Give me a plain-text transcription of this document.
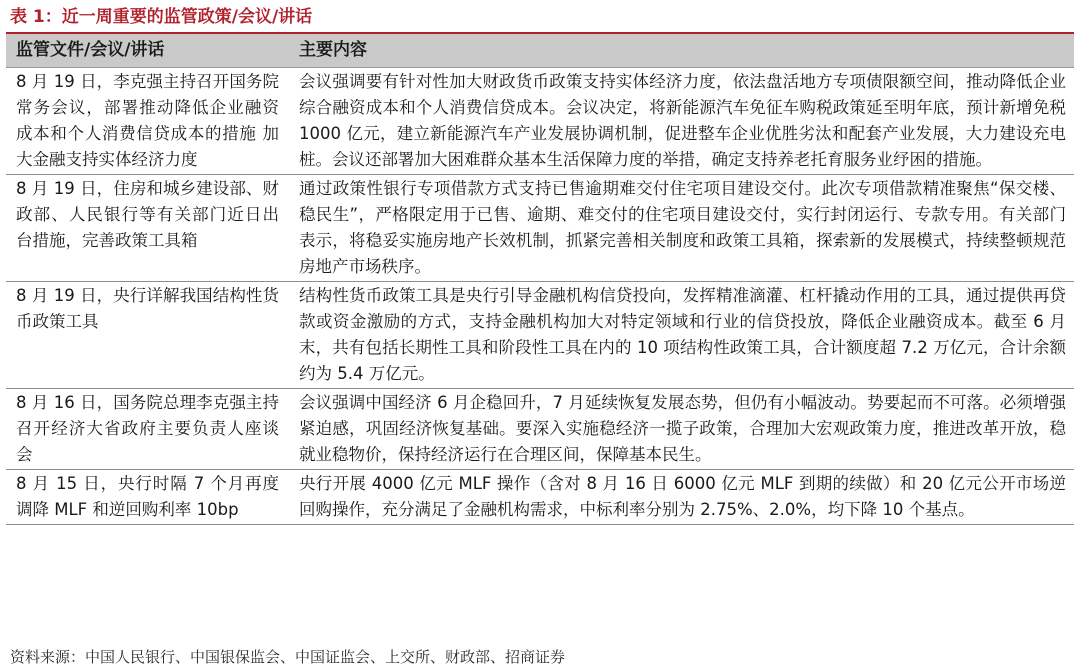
表 1：近一周重要的监管政策/会议/讲话
监管文件/会议/讲话	主要内容
8 月 19 日，李克强主持召开国务院常务会议，部署推动降低企业融资成本和个人消费信贷成本的措施 加大金融支持实体经济力度
会议强调要有针对性加大财政货币政策支持实体经济力度，依法盘活地方专项债限额空间，推动降低企业综合融资成本和个人消费信贷成本。会议决定，将新能源汽车免征车购税政策延至明年底，预计新增免税 1000 亿元，建立新能源汽车产业发展协调机制，促进整车企业优胜劣汰和配套产业发展，大力建设充电桩。会议还部署加大困难群众基本生活保障力度的举措，确定支持养老托育服务业纾困的措施。
8 月 19 日，住房和城乡建设部、财政部、人民银行等有关部门近日出台措施，完善政策工具箱
通过政策性银行专项借款方式支持已售逾期难交付住宅项目建设交付。此次专项借款精准聚焦“保交楼、稳民生”，严格限定用于已售、逾期、难交付的住宅项目建设交付，实行封闭运行、专款专用。有关部门表示，将稳妥实施房地产长效机制，抓紧完善相关制度和政策工具箱，探索新的发展模式，持续整顿规范房地产市场秩序。
8 月 19 日，央行详解我国结构性货币政策工具
结构性货币政策工具是央行引导金融机构信贷投向，发挥精准滴灌、杠杆撬动作用的工具，通过提供再贷款或资金激励的方式，支持金融机构加大对特定领域和行业的信贷投放，降低企业融资成本。截至 6 月末，共有包括长期性工具和阶段性工具在内的 10 项结构性政策工具，合计额度超 7.2 万亿元，合计余额约为 5.4 万亿元。
8 月 16 日，国务院总理李克强主持召开经济大省政府主要负责人座谈会
会议强调中国经济 6 月企稳回升，7 月延续恢复发展态势，但仍有小幅波动。势要起而不可落。必须增强紧迫感，巩固经济恢复基础。要深入实施稳经济一揽子政策，合理加大宏观政策力度，推进改革开放，稳就业稳物价，保持经济运行在合理区间，保障基本民生。
8 月 15 日，央行时隔 7 个月再度调降 MLF 和逆回购利率 10bp
央行开展 4000 亿元 MLF 操作（含对 8 月 16 日 6000 亿元 MLF 到期的续做）和 20 亿元公开市场逆回购操作，充分满足了金融机构需求，中标利率分别为 2.75%、2.0%，均下降 10 个基点。
资料来源：中国人民银行、中国银保监会、中国证监会、上交所、财政部、招商证券
